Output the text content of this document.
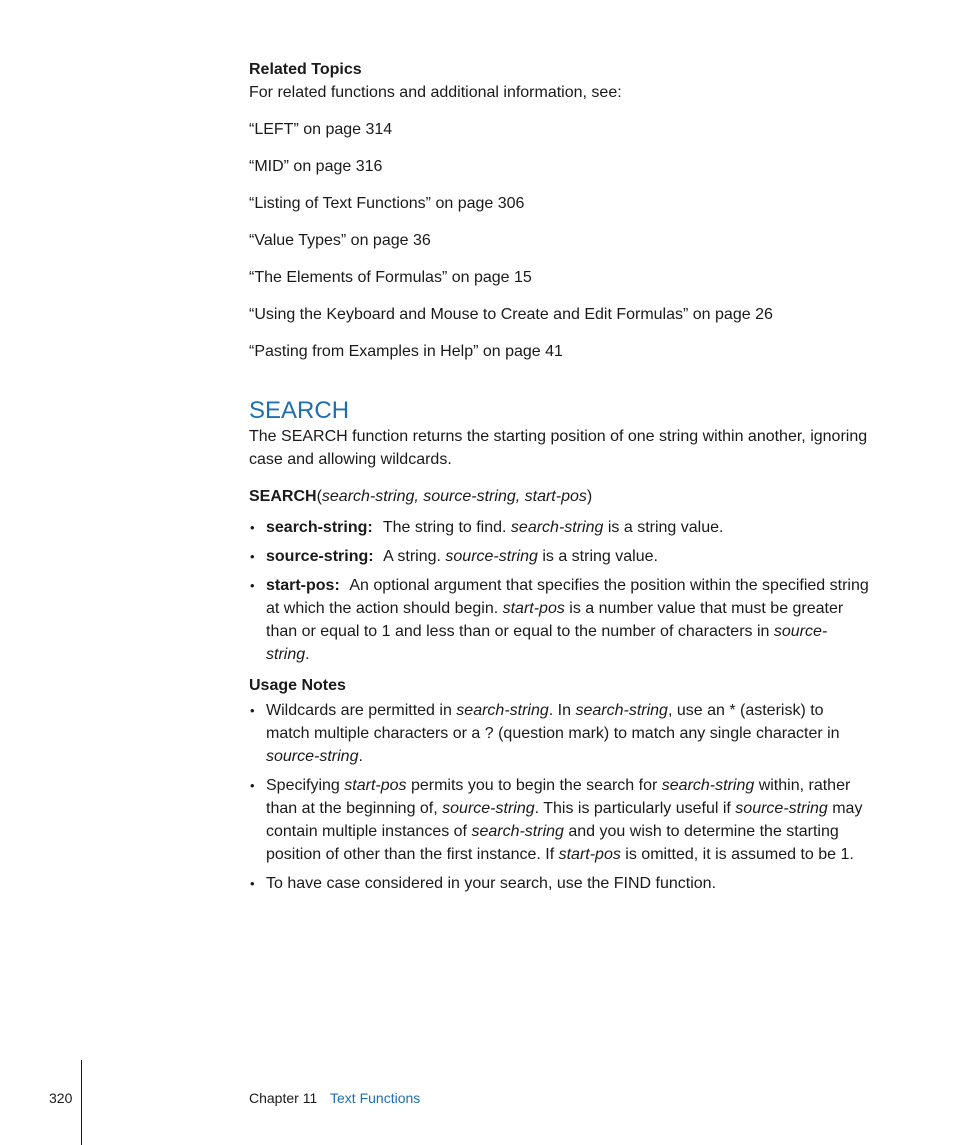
Related Topics

For related functions and additional information, see:

“LEFT” on page 314
“MID” on page 316
“Listing of Text Functions” on page 306
“Value Types” on page 36
“The Elements of Formulas” on page 15
“Using the Keyboard and Mouse to Create and Edit Formulas” on page 26
“Pasting from Examples in Help” on page 41
SEARCH

The SEARCH function returns the starting position of one string within another, ignoring case and allowing wildcards.

SEARCH(search-string, source-string, start-pos)

• search-string: The string to find. search-string is a string value.
• source-string: A string. source-string is a string value.
• start-pos: An optional argument that specifies the position within the specified string at which the action should begin. start-pos is a number value that must be greater than or equal to 1 and less than or equal to the number of characters in source-string.

Usage Notes

• Wildcards are permitted in search-string. In search-string, use an * (asterisk) to match multiple characters or a ? (question mark) to match any single character in source-string.
• Specifying start-pos permits you to begin the search for search-string within, rather than at the beginning of, source-string. This is particularly useful if source-string may contain multiple instances of search-string and you wish to determine the starting position of other than the first instance. If start-pos is omitted, it is assumed to be 1.
• To have case considered in your search, use the FIND function.
320	Chapter 11 Text Functions
